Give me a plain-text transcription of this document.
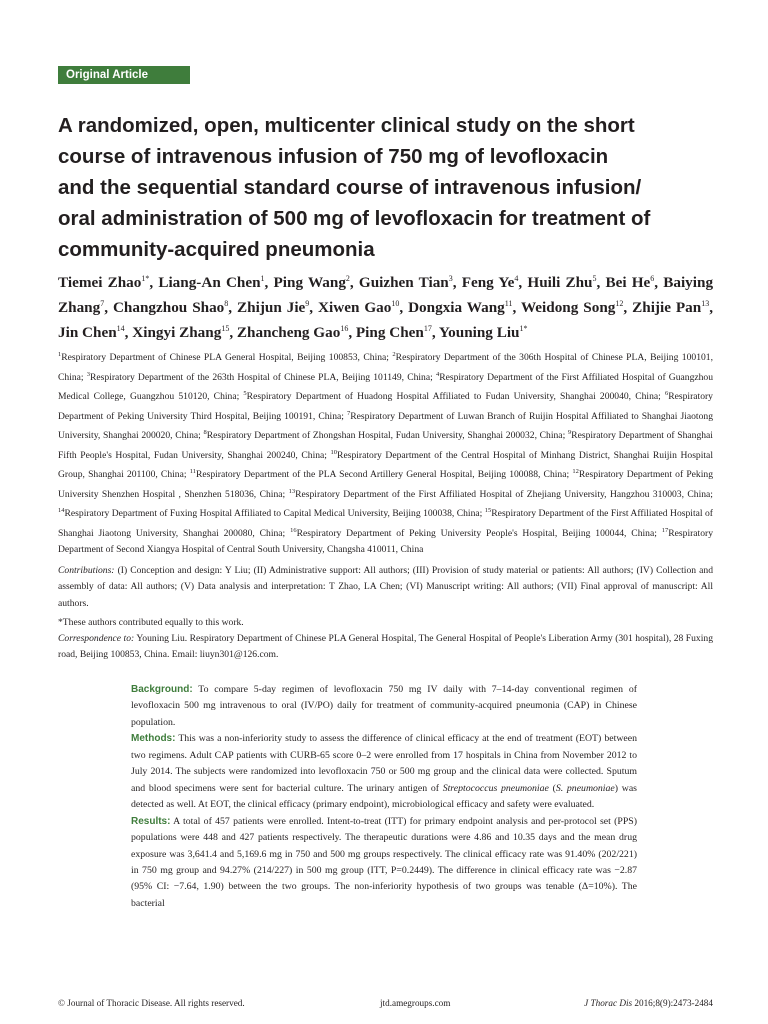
Original Article
A randomized, open, multicenter clinical study on the short
course of intravenous infusion of 750 mg of levofloxacin
and the sequential standard course of intravenous infusion/
oral administration of 500 mg of levofloxacin for treatment of
community-acquired pneumonia
Tiemei Zhao$^{1*}$, Liang-An Chen$^1$, Ping Wang$^2$, Guizhen Tian$^3$, Feng Ye$^4$, Huili Zhu$^5$, Bei He$^6$, Baiying Zhang$^7$, Changzhou Shao$^8$, Zhijun Jie$^9$, Xiwen Gao$^{10}$, Dongxia Wang$^{11}$, Weidong Song$^{12}$, Zhijie Pan$^{13}$, Jin Chen$^{14}$, Xingyi Zhang$^{15}$, Zhancheng Gao$^{16}$, Ping Chen$^{17}$, Youning Liu$^{1*}$
$^1$Respiratory Department of Chinese PLA General Hospital, Beijing 100853, China; $^2$Respiratory Department of the 306th Hospital of Chinese PLA, Beijing 100101, China; $^3$Respiratory Department of the 263th Hospital of Chinese PLA, Beijing 101149, China; $^4$Respiratory Department of the First Affiliated Hospital of Guangzhou Medical College, Guangzhou 510120, China; $^5$Respiratory Department of Huadong Hospital Affiliated to Fudan University, Shanghai 200040, China; $^6$Respiratory Department of Peking University Third Hospital, Beijing 100191, China; $^7$Respiratory Department of Luwan Branch of Ruijin Hospital Affiliated to Shanghai Jiaotong University, Shanghai 200020, China; $^8$Respiratory Department of Zhongshan Hospital, Fudan University, Shanghai 200032, China; $^9$Respiratory Department of Shanghai Fifth People's Hospital, Fudan University, Shanghai 200240, China; $^{10}$Respiratory Department of the Central Hospital of Minhang District, Shanghai Ruijin Hospital Group, Shanghai 201100, China; $^{11}$Respiratory Department of the PLA Second Artillery General Hospital, Beijing 100088, China; $^{12}$Respiratory Department of Peking University Shenzhen Hospital , Shenzhen 518036, China; $^{13}$Respiratory Department of the First Affiliated Hospital of Zhejiang University, Hangzhou 310003, China; $^{14}$Respiratory Department of Fuxing Hospital Affiliated to Capital Medical University, Beijing 100038, China; $^{15}$Respiratory Department of the First Affiliated Hospital of Shanghai Jiaotong University, Shanghai 200080, China; $^{16}$Respiratory Department of Peking University People's Hospital, Beijing 100044, China; $^{17}$Respiratory Department of Second Xiangya Hospital of Central South University, Changsha 410011, China
Contributions: (I) Conception and design: Y Liu; (II) Administrative support: All authors; (III) Provision of study material or patients: All authors; (IV) Collection and assembly of data: All authors; (V) Data analysis and interpretation: T Zhao, LA Chen; (VI) Manuscript writing: All authors; (VII) Final approval of manuscript: All authors.
*These authors contributed equally to this work.
Correspondence to: Youning Liu. Respiratory Department of Chinese PLA General Hospital, The General Hospital of People's Liberation Army (301 hospital), 28 Fuxing road, Beijing 100853, China. Email: liuyn301@126.com.

Background: To compare 5-day regimen of levofloxacin 750 mg IV daily with 7–14-day conventional regimen of levofloxacin 500 mg intravenous to oral (IV/PO) daily for treatment of community-acquired pneumonia (CAP) in Chinese population.

Methods: This was a non-inferiority study to assess the difference of clinical efficacy at the end of treatment (EOT) between two regimens. Adult CAP patients with CURB-65 score 0–2 were enrolled from 17 hospitals in China from November 2012 to July 2014. The subjects were randomized into levofloxacin 750 or 500 mg group and the clinical data were collected. Sputum and blood specimens were sent for bacterial culture. The urinary antigen of Streptococcus pneumoniae (S. pneumoniae) was detected as well. At EOT, the clinical efficacy (primary endpoint), microbiological efficacy and safety were evaluated.

Results: A total of 457 patients were enrolled. Intent-to-treat (ITT) for primary endpoint analysis and per-protocol set (PPS) populations were 448 and 427 patients respectively. The therapeutic durations were 4.86 and 10.35 days and the mean drug exposure was 3,641.4 and 5,169.6 mg in 750 and 500 mg groups respectively. The clinical efficacy rate was 91.40% (202/221) in 750 mg group and 94.27% (214/227) in 500 mg group (ITT, P=0.2449). The difference in clinical efficacy rate was −2.87 (95% CI: −7.64, 1.90) between the two groups. The non-inferiority hypothesis of two groups was tenable (Δ=10%). The bacterial

© Journal of Thoracic Disease. All rights reserved.	jtd.amegroups.com	J Thorac Dis 2016;8(9):2473-2484
